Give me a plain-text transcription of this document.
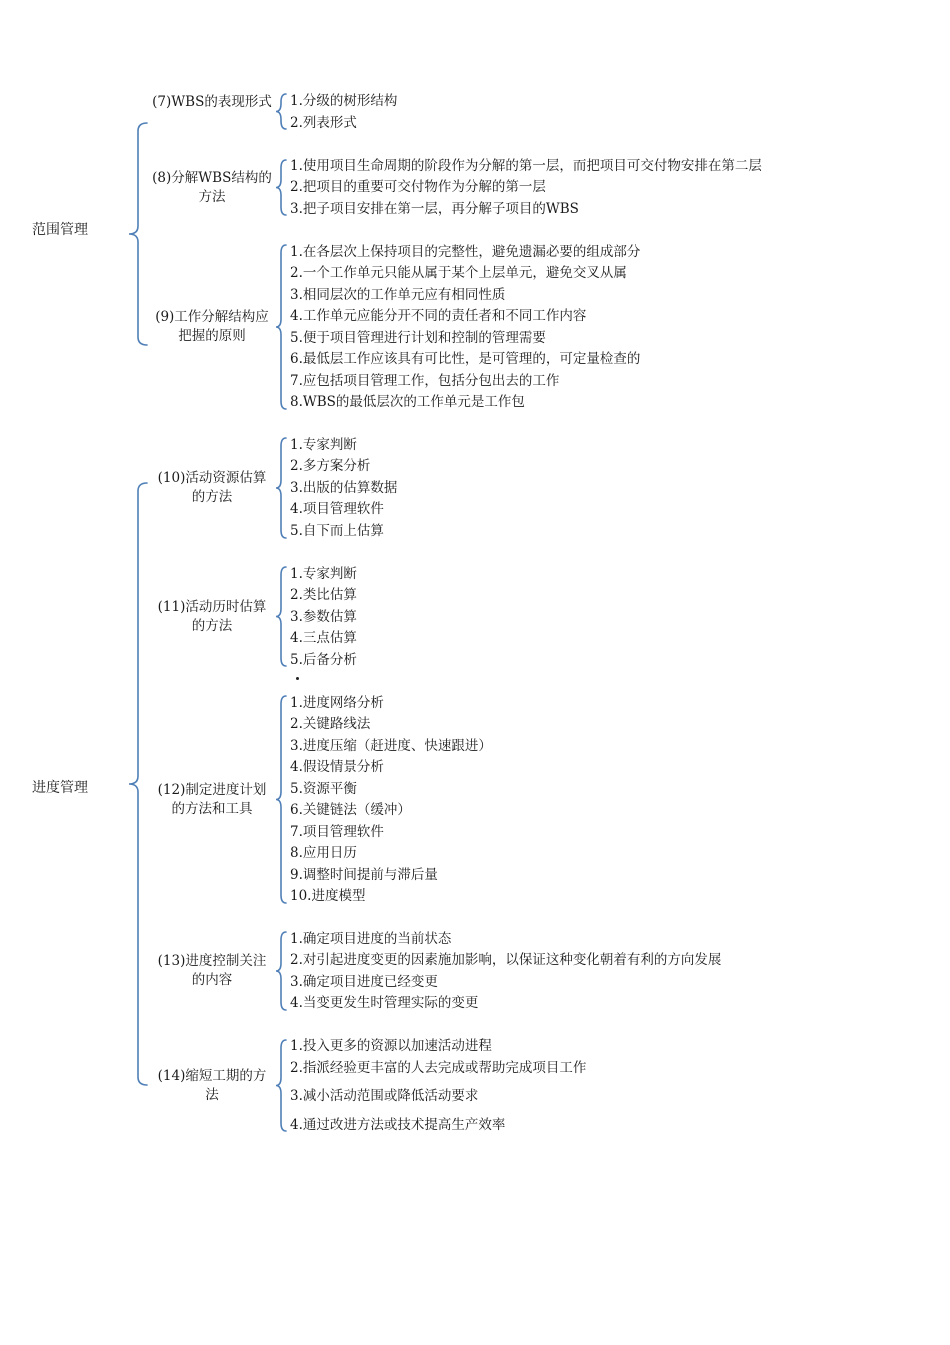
范围管理
(7)WBS的表现形式 1.分级的树形结构
2.列表形式
(8)分解WBS结构的方法
1.使用项目生命周期的阶段作为分解的第一层，而把项目可交付物安排在第二层
2.把项目的重要可交付物作为分解的第一层
3.把子项目安排在第一层，再分解子项目的WBS
(9)工作分解结构应把握的原则
1.在各层次上保持项目的完整性，避免遗漏必要的组成部分
2.一个工作单元只能从属于某个上层单元，避免交叉从属
3.相同层次的工作单元应有相同性质
4.工作单元应能分开不同的责任者和不同工作内容
5.便于项目管理进行计划和控制的管理需要
6.最低层工作应该具有可比性，是可管理的，可定量检查的
7.应包括项目管理工作，包括分包出去的工作
8.WBS的最低层次的工作单元是工作包
进度管理
(10)活动资源估算的方法
1.专家判断
2.多方案分析
3.出版的估算数据
4.项目管理软件
5.自下而上估算
(11)活动历时估算的方法
1.专家判断
2.类比估算
3.参数估算
4.三点估算
5.后备分析
(12)制定进度计划的方法和工具
1.进度网络分析
2.关键路线法
3.进度压缩（赶进度、快速跟进）
4.假设情景分析
5.资源平衡
6.关键链法（缓冲）
7.项目管理软件
8.应用日历
9.调整时间提前与滞后量
10.进度模型
(13)进度控制关注的内容
1.确定项目进度的当前状态
2.对引起进度变更的因素施加影响，以保证这种变化朝着有利的方向发展
3.确定项目进度已经变更
4.当变更发生时管理实际的变更
(14)缩短工期的方法
1.投入更多的资源以加速活动进程
2.指派经验更丰富的人去完成或帮助完成项目工作
3.减小活动范围或降低活动要求
4.通过改进方法或技术提高生产效率
